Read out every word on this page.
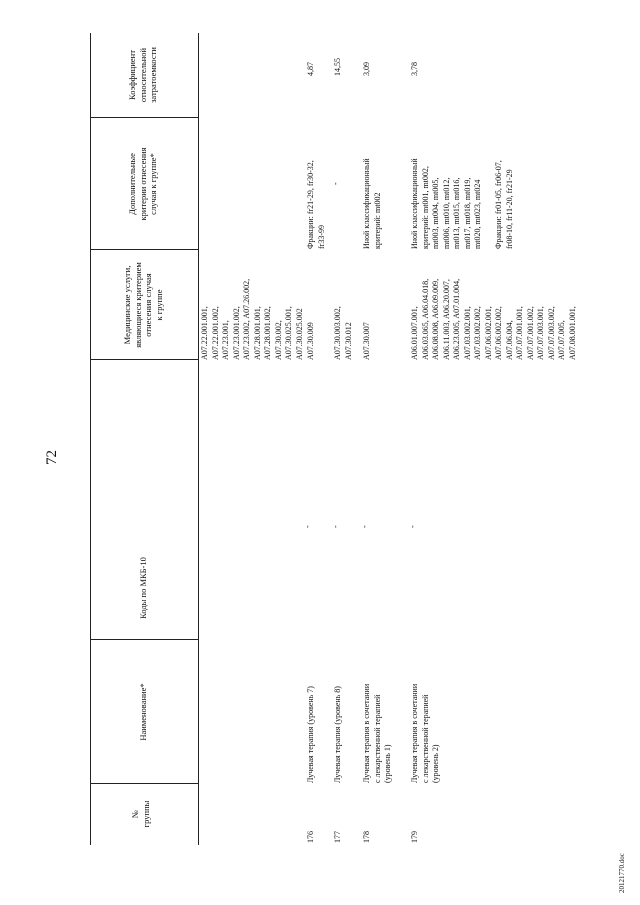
72
20121770.doc
№ группы
Наименование*
Коды по МКБ-10
Медицинские услуги, являющиеся критерием отнесения случая к группе
Дополнительные критерии отнесения случая к группе*
Коэффициент относительной затратоемкости
A07.22.001.001, A07.22.001.002, A07.23.001, A07.23.001.002, A07.23.002, A07.26.002, A07.28.001.001, A07.28.001.002, A07.30.002, A07.30.025.001, A07.30.025.002
176
Лучевая терапия (уровень 7)
-
A07.30.009
Фракции: fr21-29, fr30-32, fr33-99
4,87
177
Лучевая терапия (уровень 8)
-
A07.30.003.002, A07.30.012
-
14,55
178
Лучевая терапия в сочетании с лекарственной терапией (уровень 1)
-
A07.30.007
Иной классификационный критерий: mt002
3,09
179
Лучевая терапия в сочетании с лекарственной терапией (уровень 2)
-
A06.01.007.001, A06.03.065, A06.04.018, A06.08.008, A06.09.009, A06.11.003, A06.20.007, A06.23.005, A07.01.004, A07.03.002.001, A07.03.002.002, A07.06.002.001, A07.06.002.002, A07.06.004, A07.07.001.001, A07.07.001.002, A07.07.003.001, A07.07.003.002, A07.07.005, A07.08.001.001,
Иной классификационный критерий: mt001, mt002, mt003, mt004, mt005, mt006, mt010, mt012, mt013, mt015, mt016, mt017, mt018, mt019, mt020, mt023, mt024
Фракции: fr01-05, fr06-07, fr08-10, fr11-20, fr21-29
3,78
